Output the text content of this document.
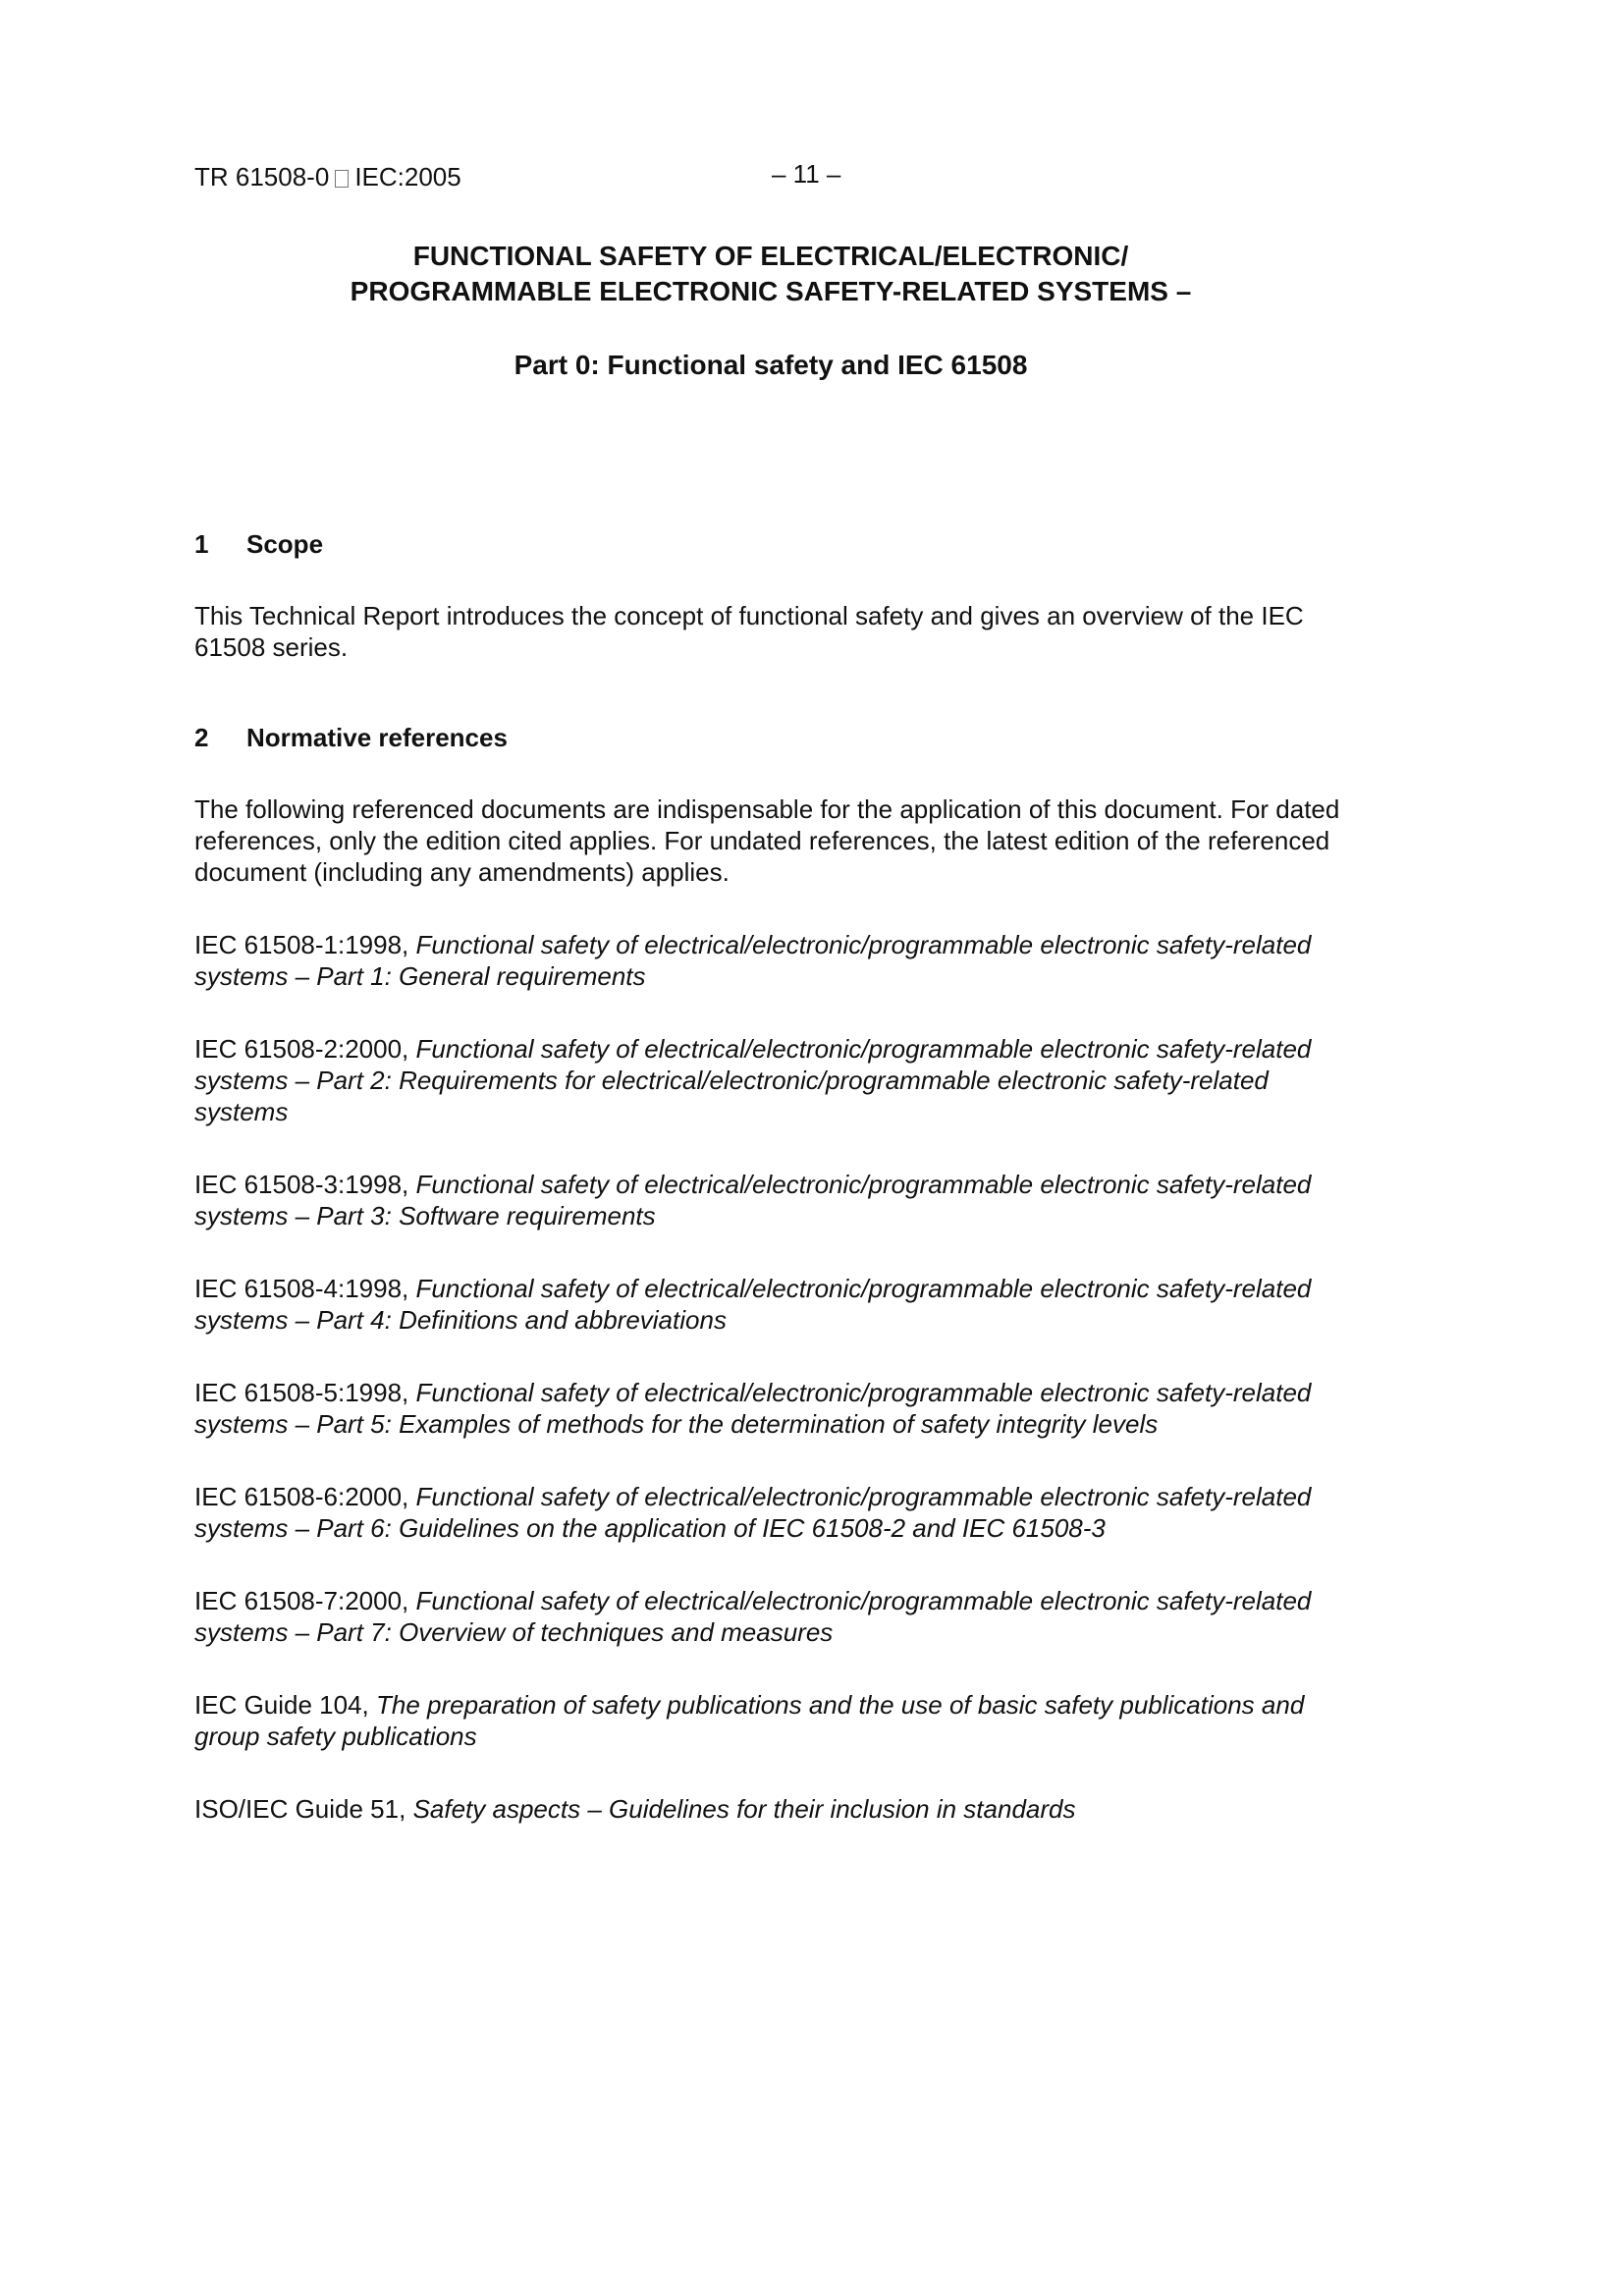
TR 61508-0 IEC:2005	– 11 –
FUNCTIONAL SAFETY OF ELECTRICAL/ELECTRONIC/
PROGRAMMABLE ELECTRONIC SAFETY-RELATED SYSTEMS –
Part 0: Functional safety and IEC 61508
1 Scope
This Technical Report introduces the concept of functional safety and gives an overview of the IEC 61508 series.
2 Normative references
The following referenced documents are indispensable for the application of this document. For dated references, only the edition cited applies. For undated references, the latest edition of the referenced document (including any amendments) applies.
IEC 61508-1:1998, Functional safety of electrical/electronic/programmable electronic safety-related systems – Part 1: General requirements
IEC 61508-2:2000, Functional safety of electrical/electronic/programmable electronic safety-related systems – Part 2: Requirements for electrical/electronic/programmable electronic safety-related systems
IEC 61508-3:1998, Functional safety of electrical/electronic/programmable electronic safety-related systems – Part 3: Software requirements
IEC 61508-4:1998, Functional safety of electrical/electronic/programmable electronic safety-related systems – Part 4: Definitions and abbreviations
IEC 61508-5:1998, Functional safety of electrical/electronic/programmable electronic safety-related systems – Part 5: Examples of methods for the determination of safety integrity levels
IEC 61508-6:2000, Functional safety of electrical/electronic/programmable electronic safety-related systems – Part 6: Guidelines on the application of IEC 61508-2 and IEC 61508-3
IEC 61508-7:2000, Functional safety of electrical/electronic/programmable electronic safety-related systems – Part 7: Overview of techniques and measures
IEC Guide 104, The preparation of safety publications and the use of basic safety publications and group safety publications
ISO/IEC Guide 51, Safety aspects – Guidelines for their inclusion in standards
